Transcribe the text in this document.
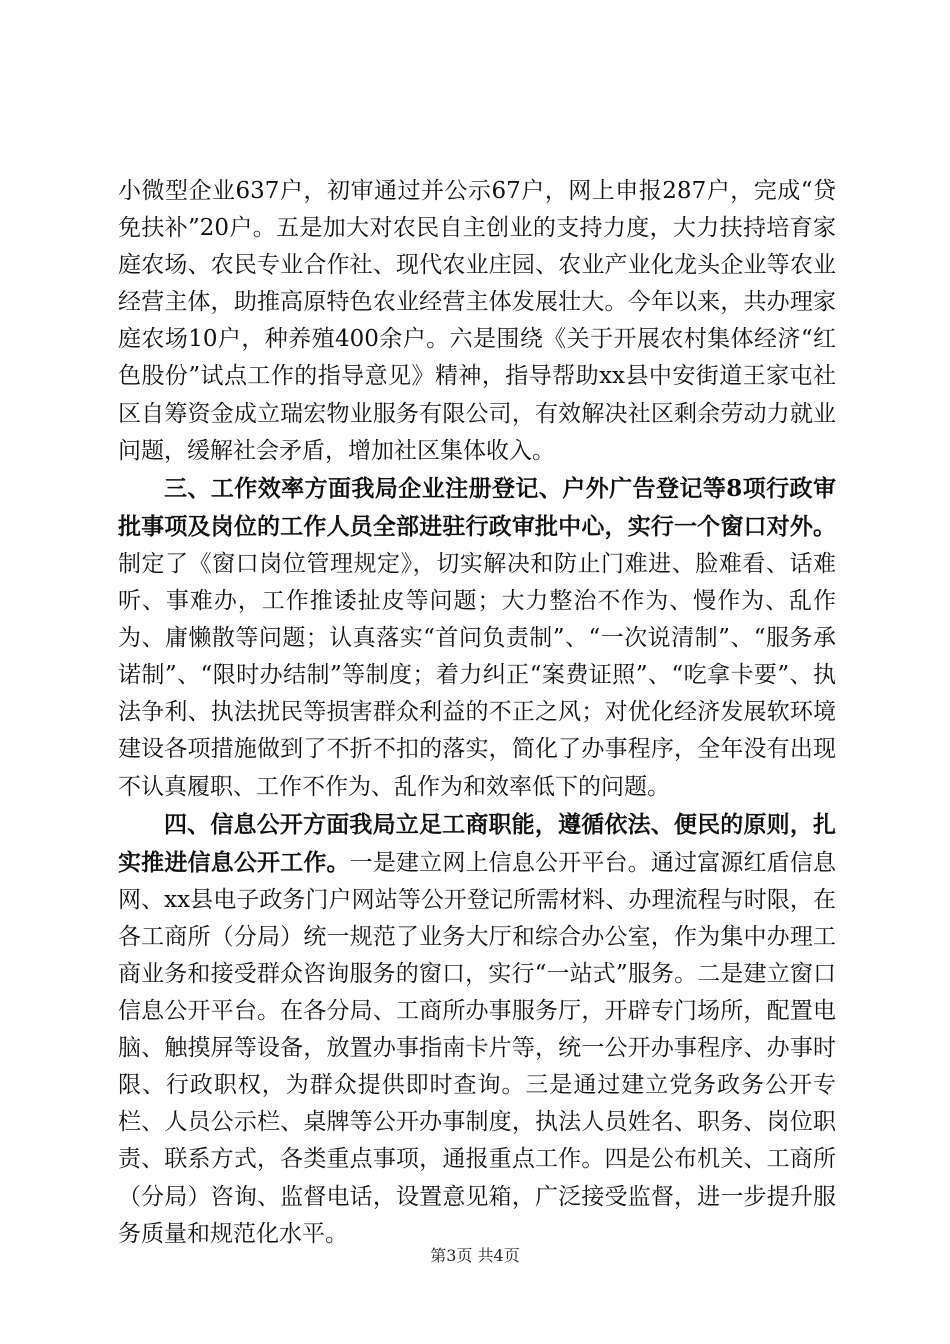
小微型企业637户，初审通过并公示67户，网上申报287户，完成“贷免扶补”20户。五是加大对农民自主创业的支持力度，大力扶持培育家庭农场、农民专业合作社、现代农业庄园、农业产业化龙头企业等农业经营主体，助推高原特色农业经营主体发展壮大。今年以来，共办理家庭农场10户，种养殖400余户。六是围绕《关于开展农村集体经济“红色股份”试点工作的指导意见》精神，指导帮助xx县中安街道王家屯社区自筹资金成立瑞宏物业服务有限公司，有效解决社区剩余劳动力就业问题，缓解社会矛盾，增加社区集体收入。

三、工作效率方面我局企业注册登记、户外广告登记等8项行政审批事项及岗位的工作人员全部进驻行政审批中心，实行一个窗口对外。制定了《窗口岗位管理规定》，切实解决和防止门难进、脸难看、话难听、事难办，工作推诿扯皮等问题；大力整治不作为、慢作为、乱作为、庸懒散等问题；认真落实“首问负责制”、“一次说清制”、“服务承诺制”、“限时办结制”等制度；着力纠正“案费证照”、“吃拿卡要”、执法争利、执法扰民等损害群众利益的不正之风；对优化经济发展软环境建设各项措施做到了不折不扣的落实，简化了办事程序，全年没有出现不认真履职、工作不作为、乱作为和效率低下的问题。

四、信息公开方面我局立足工商职能，遵循依法、便民的原则，扎实推进信息公开工作。一是建立网上信息公开平台。通过富源红盾信息网、xx县电子政务门户网站等公开登记所需材料、办理流程与时限，在各工商所（分局）统一规范了业务大厅和综合办公室，作为集中办理工商业务和接受群众咨询服务的窗口，实行“一站式”服务。二是建立窗口信息公开平台。在各分局、工商所办事服务厅，开辟专门场所，配置电脑、触摸屏等设备，放置办事指南卡片等，统一公开办事程序、办事时限、行政职权，为群众提供即时查询。三是通过建立党务政务公开专栏、人员公示栏、桌牌等公开办事制度，执法人员姓名、职务、岗位职责、联系方式，各类重点事项，通报重点工作。四是公布机关、工商所（分局）咨询、监督电话，设置意见箱，广泛接受监督，进一步提升服务质量和规范化水平。

第3页 共4页
